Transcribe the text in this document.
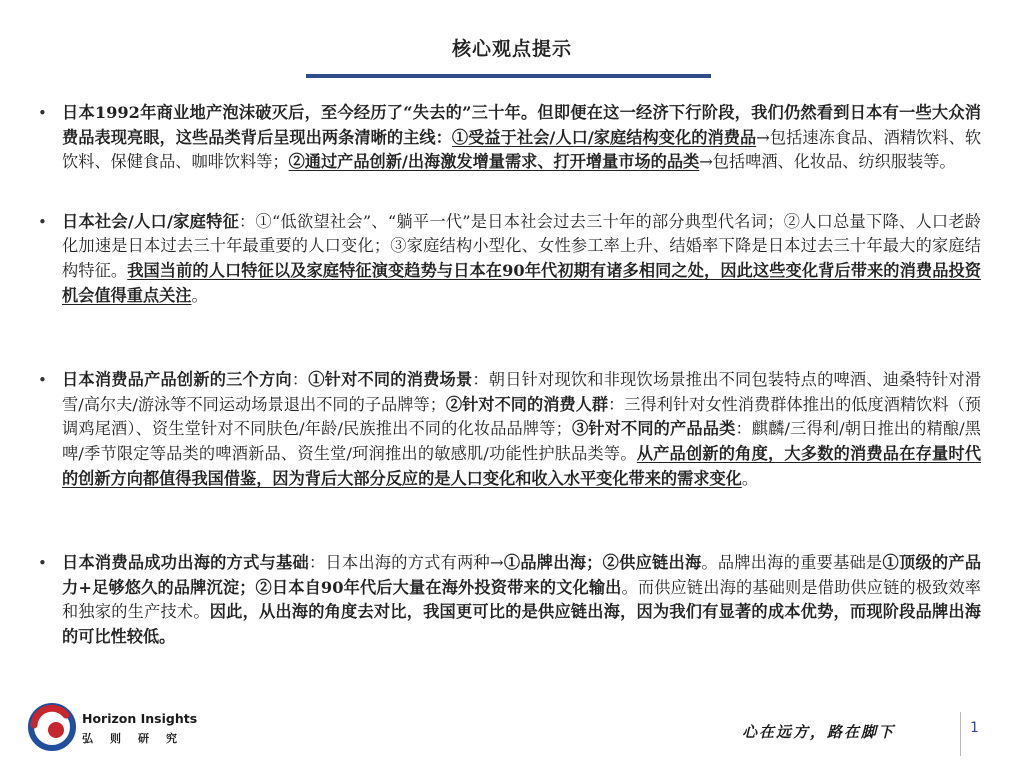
核心观点提示
• 日本1992年商业地产泡沫破灭后，至今经历了“失去的”三十年。但即便在这一经济下行阶段，我们仍然看到日本有一些大众消费品表现亮眼，这些品类背后呈现出两条清晰的主线：①受益于社会/人口/家庭结构变化的消费品→包括速冻食品、酒精饮料、软饮料、保健食品、咖啡饮料等；②通过产品创新/出海激发增量需求、打开增量市场的品类→包括啤酒、化妆品、纺织服装等。
• 日本社会/人口/家庭特征：①“低欲望社会”、“躺平一代”是日本社会过去三十年的部分典型代名词；②人口总量下降、人口老龄化加速是日本过去三十年最重要的人口变化；③家庭结构小型化、女性参工率上升、结婚率下降是日本过去三十年最大的家庭结构特征。我国当前的人口特征以及家庭特征演变趋势与日本在90年代初期有诸多相同之处，因此这些变化背后带来的消费品投资机会值得重点关注。
• 日本消费品产品创新的三个方向：①针对不同的消费场景：朝日针对现饮和非现饮场景推出不同包装特点的啤酒、迪桑特针对滑雪/高尔夫/游泳等不同运动场景退出不同的子品牌等；②针对不同的消费人群：三得利针对女性消费群体推出的低度酒精饮料（预调鸡尾酒）、资生堂针对不同肤色/年龄/民族推出不同的化妆品品牌等；③针对不同的产品品类：麒麟/三得利/朝日推出的精酿/黑啤/季节限定等品类的啤酒新品、资生堂/珂润推出的敏感肌/功能性护肤品类等。从产品创新的角度，大多数的消费品在存量时代的创新方向都值得我国借鉴，因为背后大部分反应的是人口变化和收入水平变化带来的需求变化。
• 日本消费品成功出海的方式与基础：日本出海的方式有两种→①品牌出海；②供应链出海。品牌出海的重要基础是①顶级的产品力+足够悠久的品牌沉淀；②日本自90年代后大量在海外投资带来的文化输出。而供应链出海的基础则是借助供应链的极致效率和独家的生产技术。因此，从出海的角度去对比，我国更可比的是供应链出海，因为我们有显著的成本优势，而现阶段品牌出海的可比性较低。
Horizon Insights
弘则研究	心在远方，路在脚下	1
